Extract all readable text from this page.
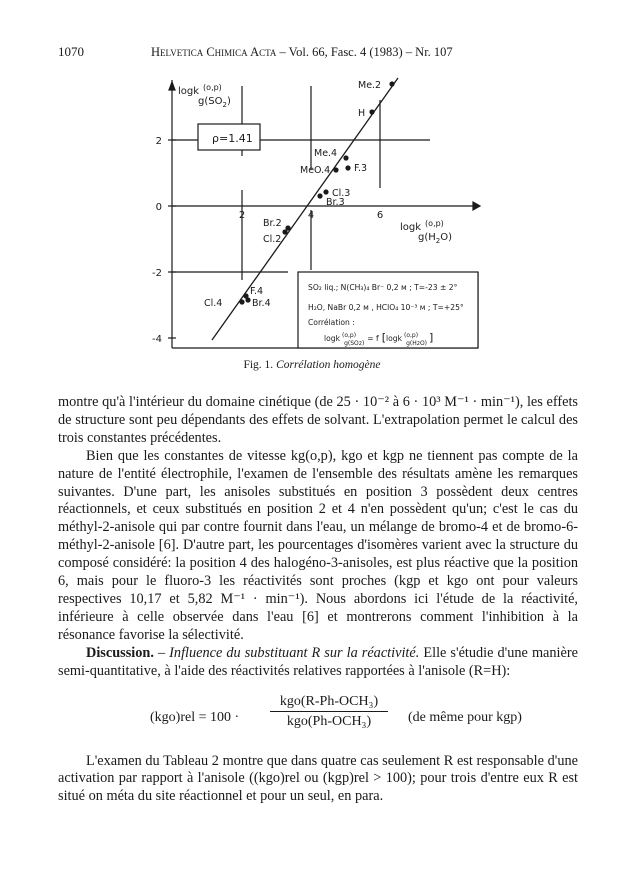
1070	Helvetica Chimica Acta – Vol. 66, Fasc. 4 (1983) – Nr. 107
logk $^{(o,p)}$
$g(SO_2)$
logk $^{(o,p)}$
$g(H_2O)$
2
0
-2
-4
2	4	6
ρ=1.41
Me.2
H
Me.4
MeO.4	F.3
Cl.3
Br.3
Br.2
Cl.2
F.4
Cl.4	Br.4
SO₂ liq.; N(CH₃)₄ Br⁻ 0,2 м ; T=-23 ± 2°
H₂O, NaBr 0,2 м , HClO₄ 10⁻³ м ; T=+25°
Corrélation :
logk $^{(o,p)}$ g(SO2)= f [logk $^{(o,p)}$ g(H2O) ]
Fig. 1. Corrélation homogène

montre qu'à l'intérieur du domaine cinétique (de 25 · 10⁻² à 6 · 10³ M⁻¹ · min⁻¹), les effets de structure sont peu dépendants des effets de solvant. L'extrapolation permet le calcul des trois constantes précédentes.

Bien que les constantes de vitesse kg(o,p), kgo et kgp ne tiennent pas compte de la nature de l'entité électrophile, l'examen de l'ensemble des résultats amène les remarques suivantes. D'une part, les anisoles substitués en position 3 possèdent deux centres réactionnels, et ceux substitués en position 2 et 4 n'en possèdent qu'un; c'est le cas du méthyl-2-anisole qui par contre fournit dans l'eau, un mélange de bromo-4 et de bromo-6-méthyl-2-anisole [6]. D'autre part, les pourcentages d'isomères varient avec la structure du composé considéré: la position 4 des halogéno-3-anisoles, est plus réactive que la position 6, mais pour le fluoro-3 les réactivités sont proches (kgp et kgo ont pour valeurs respectives 10,17 et 5,82 M⁻¹ · min⁻¹). Nous abordons ici l'étude de la réactivité, inférieure à celle observée dans l'eau [6] et montrerons comment l'inhibition à la résonance favorise la sélectivité.

Discussion. – Influence du substituant R sur la réactivité. Elle s'étudie d'une manière semi-quantitative, à l'aide des réactivités relatives rapportées à l'anisole (R=H):

(kgo)rel = 100 ·
kgo(R-Ph-OCH₃)
kgo(Ph-OCH₃)	(de même pour kgp)

L'examen du Tableau 2 montre que dans quatre cas seulement R est responsable d'une activation par rapport à l'anisole ((kgo)rel ou (kgp)rel > 100); pour trois d'entre eux R est situé on méta du site réactionnel et pour un seul, en para.
